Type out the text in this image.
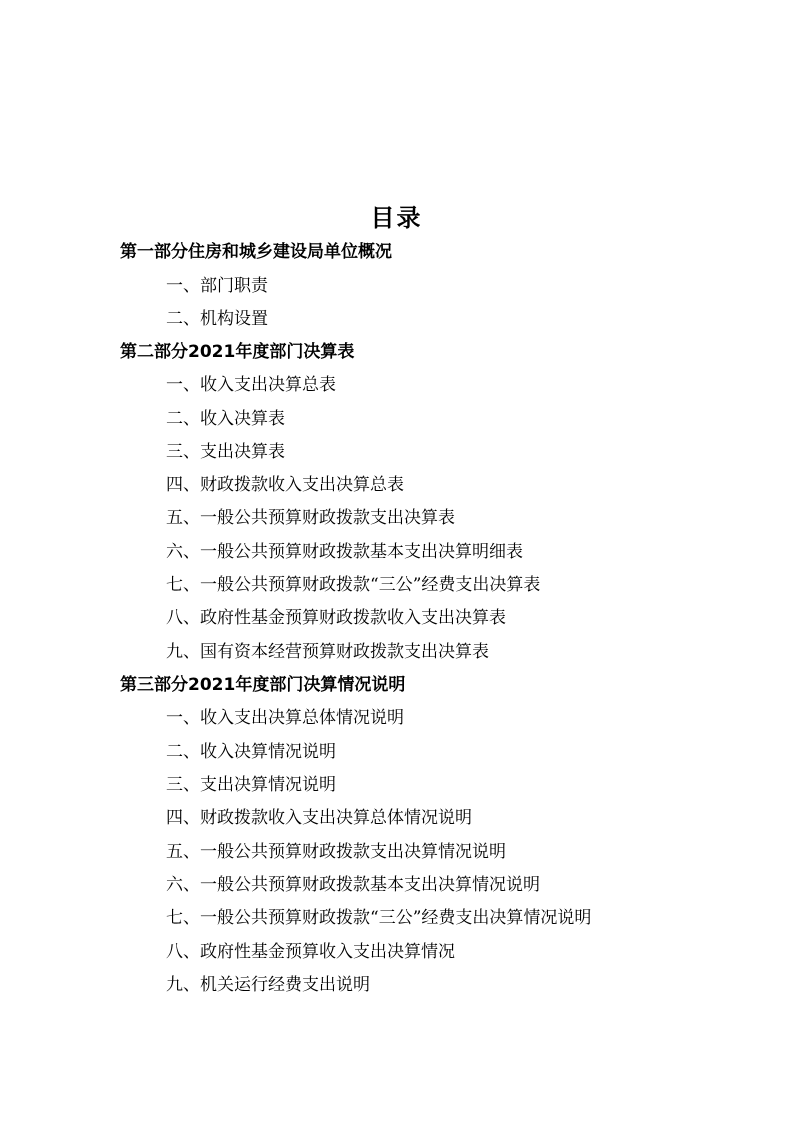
目录
第一部分住房和城乡建设局单位概况
一、部门职责
二、机构设置
第二部分2021年度部门决算表
一、收入支出决算总表
二、收入决算表
三、支出决算表
四、财政拨款收入支出决算总表
五、一般公共预算财政拨款支出决算表
六、一般公共预算财政拨款基本支出决算明细表
七、一般公共预算财政拨款“三公”经费支出决算表
八、政府性基金预算财政拨款收入支出决算表
九、国有资本经营预算财政拨款支出决算表
第三部分2021年度部门决算情况说明
一、收入支出决算总体情况说明
二、收入决算情况说明
三、支出决算情况说明
四、财政拨款收入支出决算总体情况说明
五、一般公共预算财政拨款支出决算情况说明
六、一般公共预算财政拨款基本支出决算情况说明
七、一般公共预算财政拨款“三公”经费支出决算情况说明
八、政府性基金预算收入支出决算情况
九、机关运行经费支出说明
